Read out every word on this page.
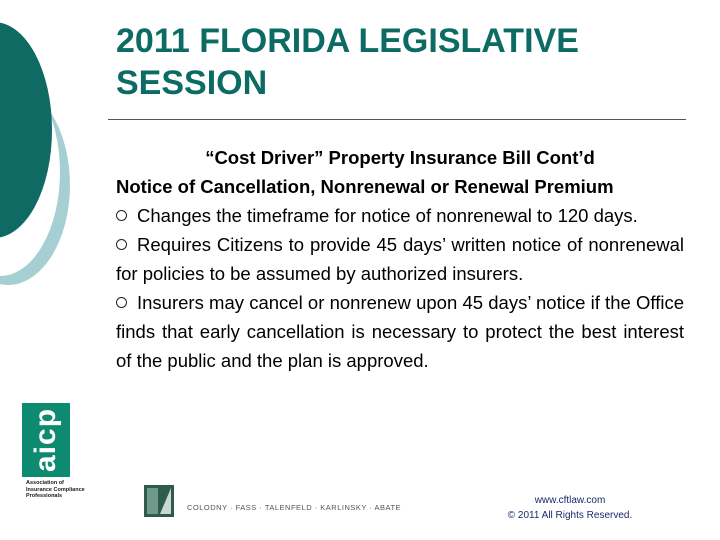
2011 FLORIDA LEGISLATIVE SESSION

“Cost Driver” Property Insurance Bill Cont’d

Notice of Cancellation, Nonrenewal or Renewal Premium

Changes the timeframe for notice of nonrenewal to 120 days.

Requires Citizens to provide 45 days’ written notice of nonrenewal for policies to be assumed by authorized insurers.

Insurers may cancel or nonrenew upon 45 days’ notice if the Office finds that early cancellation is necessary to protect the best interest of the public and the plan is approved.

aicp
Association of Insurance Compliance Professionals
COLODNY · FASS · TALENFELD · KARLINSKY · ABATE
www.cftlaw.com
© 2011 All Rights Reserved.
